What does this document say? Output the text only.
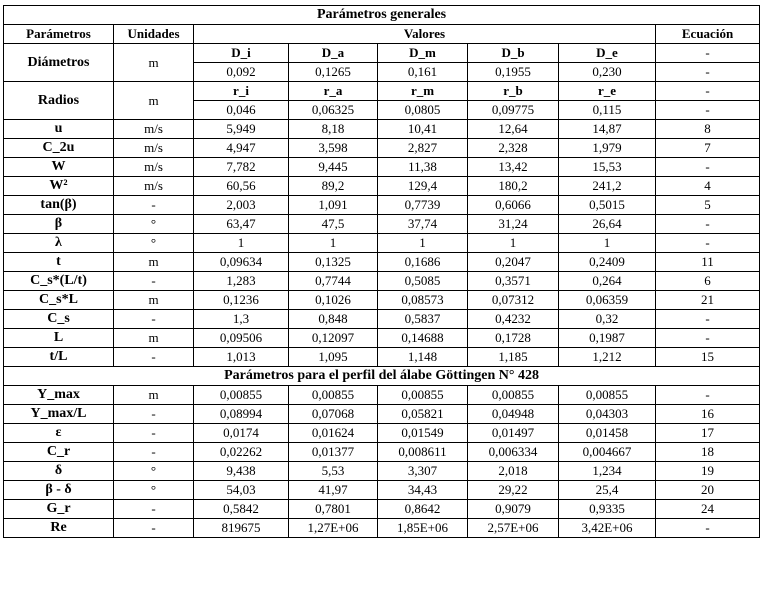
Parámetros generales							
Parámetros	Unidades	Valores					Ecuación
Diámetros	m	D_i	D_a	D_m	D_b	D_e	-
		0,092	0,1265	0,161	0,1955	0,230	-
Radios	m	r_i	r_a	r_m	r_b	r_e	-
		0,046	0,06325	0,0805	0,09775	0,115	-
u	m/s	5,949	8,18	10,41	12,64	14,87	8
C_2u	m/s	4,947	3,598	2,827	2,328	1,979	7
W	m/s	7,782	9,445	11,38	13,42	15,53	-
W²	m/s	60,56	89,2	129,4	180,2	241,2	4
tan(β)	-	2,003	1,091	0,7739	0,6066	0,5015	5
β	°	63,47	47,5	37,74	31,24	26,64	-
λ	°	1	1	1	1	1	-
t	m	0,09634	0,1325	0,1686	0,2047	0,2409	11
C_s*(L/t)	-	1,283	0,7744	0,5085	0,3571	0,264	6
C_s*L	m	0,1236	0,1026	0,08573	0,07312	0,06359	21
C_s	-	1,3	0,848	0,5837	0,4232	0,32	-
L	m	0,09506	0,12097	0,14688	0,1728	0,1987	-
t/L	-	1,013	1,095	1,148	1,185	1,212	15
Parámetros para el perfil del álabe Göttingen N° 428							
Y_max	m	0,00855	0,00855	0,00855	0,00855	0,00855	-
Y_max/L	-	0,08994	0,07068	0,05821	0,04948	0,04303	16
ε	-	0,0174	0,01624	0,01549	0,01497	0,01458	17
C_r	-	0,02262	0,01377	0,008611	0,006334	0,004667	18
δ	°	9,438	5,53	3,307	2,018	1,234	19
β - δ	°	54,03	41,97	34,43	29,22	25,4	20
G_r	-	0,5842	0,7801	0,8642	0,9079	0,9335	24
Re	-	819675	1,27E+06	1,85E+06	2,57E+06	3,42E+06	-
